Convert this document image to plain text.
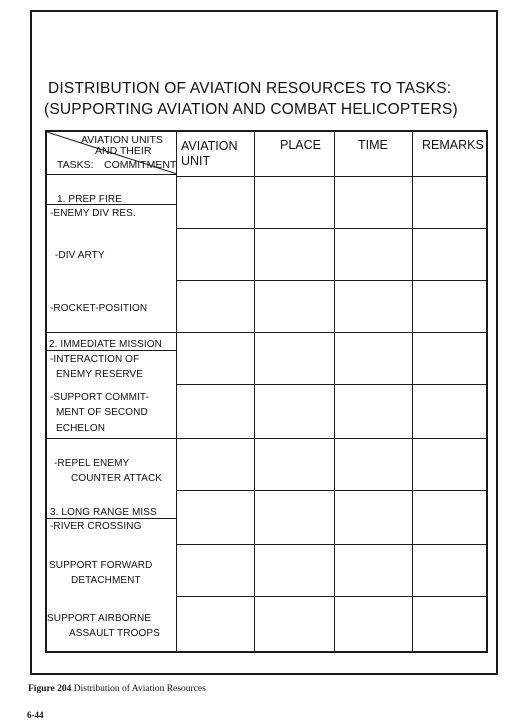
DISTRIBUTION OF AVIATION RESOURCES TO TASKS:
(SUPPORTING AVIATION AND COMBAT HELICOPTERS)
AVIATION UNITS
AND THEIR
TASKS: COMMITMENT
AVIATION
UNIT
PLACE	TIME	REMARKS
1. PREP FIRE
-ENEMY DIV RES.
-DIV ARTY
-ROCKET-POSITION
2. IMMEDIATE MISSION
-INTERACTION OF
ENEMY RESERVE
-SUPPORT COMMIT-
MENT OF SECOND
ECHELON
-REPEL ENEMY
COUNTER ATTACK
3. LONG RANGE MISS
-RIVER CROSSING
SUPPORT FORWARD
DETACHMENT
SUPPORT AIRBORNE
ASSAULT TROOPS
Figure 204 Distribution of Aviation Resources
6-44
